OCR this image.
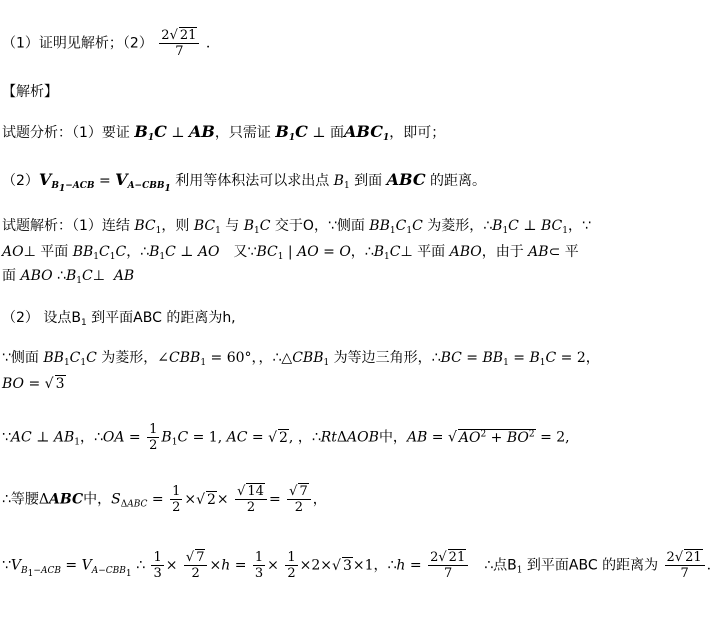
（1）证明见解析；$(2) \frac{2√ 21}{7}$ .
【解析】
试题分析：（1）要证 $B_1C$ ⊥ AB，只需证 $B_1C$ ⊥ 面$ABC_1$，即可；
$(2)V_{B_1-ACB} = V_{A-CBB_1}$ 利用等体积法可以求出点 $B_1$ 到面 ABC 的距离。
试题解析：（1）连结 $BC_1$，则 $BC_1$ 与 $B_1C$ 交于O，∵侧面 $BB_1C_1C$ 为菱形，$\therefore B_1C$ ⊥ $BC_1$，∵
AO⊥ 平面 $BB_1C_1C$，$\therefore B_1C$ ⊥ AO　又$\because BC_1$ | AO = O，$\therefore B_1C\perp$ 平面 ABO，由于 AB⊂ 平
面 ABO $\therefore B_1C\perp$  AB
（2） 设点$B_1$ 到平面ABC 的距离为h,
∵侧面 $BB_1C_1C$ 为菱形，$\angle CBB_1 = 60^\circ$，，$\therefore\triangle CBB_1$ 为等边三角形，∴BC = $BB_1 = B_1C = 2$，
BO = √ 3
∵AC ⊥ $AB_1$，∴OA = $\frac{1}{2} B_1C = 1$, AC = √ 2, ，∴RtΔAOB中，AB = √ $AO^2 + BO^2 = 2$,
∴等腰ΔABC中，$S_{\Delta ABC} = \frac{1}{2}$ ×√ $2\times \frac{√ 14}{2} = \frac{√ 7}{2}$ ，
$\because V_{B_1-ACB} = V_{A-CBB_1}$ ∴ $\frac{1}{3} \times \frac{√ 7}{2} \times h = \frac{1}{3} \times \frac{1}{2} \times 2\times√$ 3×1，∴h = $\frac{2√ 21}{7}$ 　∴点$B_1$ 到平面ABC 的距离为 $\frac{2√ 21}{7}$ .
